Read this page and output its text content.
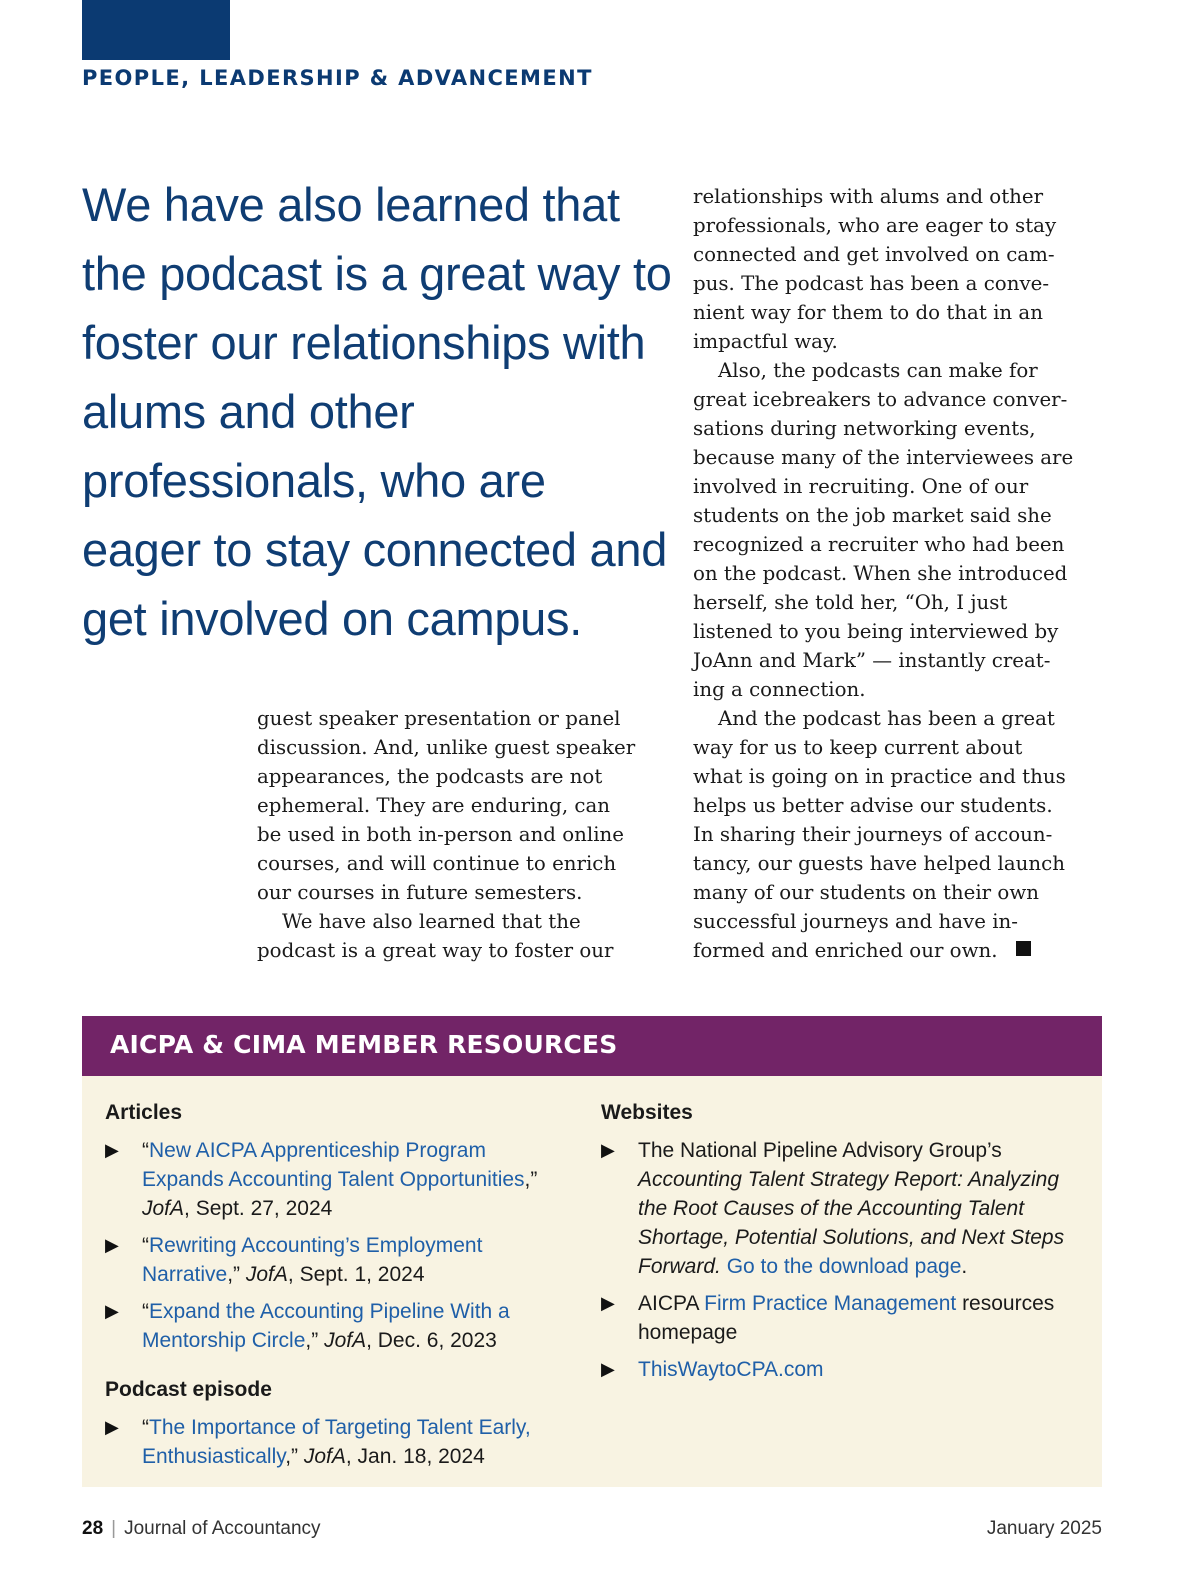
PEOPLE, LEADERSHIP & ADVANCEMENT

We have also learned that the podcast is a great way to foster our relationships with alums and other professionals, who are eager to stay connected and get involved on campus.

guest speaker presentation or panel
discussion. And, unlike guest speaker
appearances, the podcasts are not
ephemeral. They are enduring, can
be used in both in-person and online
courses, and will continue to enrich
our courses in future semesters.

We have also learned that the
podcast is a great way to foster our

relationships with alums and other
professionals, who are eager to stay
connected and get involved on cam-
pus. The podcast has been a conve-
nient way for them to do that in an
impactful way.

Also, the podcasts can make for
great icebreakers to advance conver-
sations during networking events,
because many of the interviewees are
involved in recruiting. One of our
students on the job market said she
recognized a recruiter who had been
on the podcast. When she introduced
herself, she told her, “Oh, I just
listened to you being interviewed by
JoAnn and Mark” — instantly creat-
ing a connection.

And the podcast has been a great
way for us to keep current about
what is going on in practice and thus
helps us better advise our students.
In sharing their journeys of accoun-
tancy, our guests have helped launch
many of our students on their own
successful journeys and have in-
formed and enriched our own.

AICPA & CIMA MEMBER RESOURCES
Articles
▶ “New AICPA Apprenticeship Program Expands Accounting Talent Opportunities,” JofA, Sept. 27, 2024
▶ “Rewriting Accounting’s Employment Narrative,” JofA, Sept. 1, 2024
▶ “Expand the Accounting Pipeline With a Mentorship Circle,” JofA, Dec. 6, 2023
Podcast episode
▶ “The Importance of Targeting Talent Early, Enthusiastically,” JofA, Jan. 18, 2024
Websites
▶ The National Pipeline Advisory Group’s Accounting Talent Strategy Report: Analyzing the Root Causes of the Accounting Talent Shortage, Potential Solutions, and Next Steps Forward. Go to the download page.
▶ AICPA Firm Practice Management resources homepage
▶ ThisWaytoCPA.com
28 | Journal of Accountancy	January 2025
